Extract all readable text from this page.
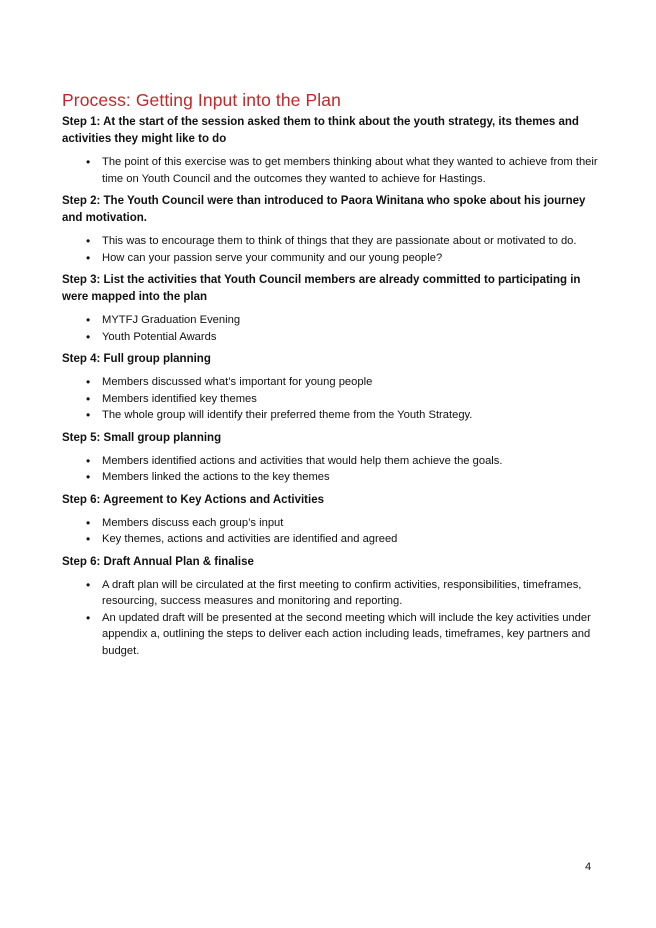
Process: Getting Input into the Plan

Step 1: At the start of the session asked them to think about the youth strategy, its themes and activities they might like to do

• The point of this exercise was to get members thinking about what they wanted to achieve from their time on Youth Council and the outcomes they wanted to achieve for Hastings.

Step 2: The Youth Council were than introduced to Paora Winitana who spoke about his journey and motivation.

• This was to encourage them to think of things that they are passionate about or motivated to do.
• How can your passion serve your community and our young people?

Step 3: List the activities that Youth Council members are already committed to participating in were mapped into the plan

• MYTFJ Graduation Evening
• Youth Potential Awards

Step 4: Full group planning

• Members discussed what’s important for young people
• Members identified key themes
• The whole group will identify their preferred theme from the Youth Strategy.

Step 5: Small group planning

• Members identified actions and activities that would help them achieve the goals.
• Members linked the actions to the key themes

Step 6: Agreement to Key Actions and Activities

• Members discuss each group’s input
• Key themes, actions and activities are identified and agreed

Step 6: Draft Annual Plan & finalise

• A draft plan will be circulated at the first meeting to confirm activities, responsibilities, timeframes, resourcing, success measures and monitoring and reporting.
• An updated draft will be presented at the second meeting which will include the key activities under appendix a, outlining the steps to deliver each action including leads, timeframes, key partners and budget.
4
